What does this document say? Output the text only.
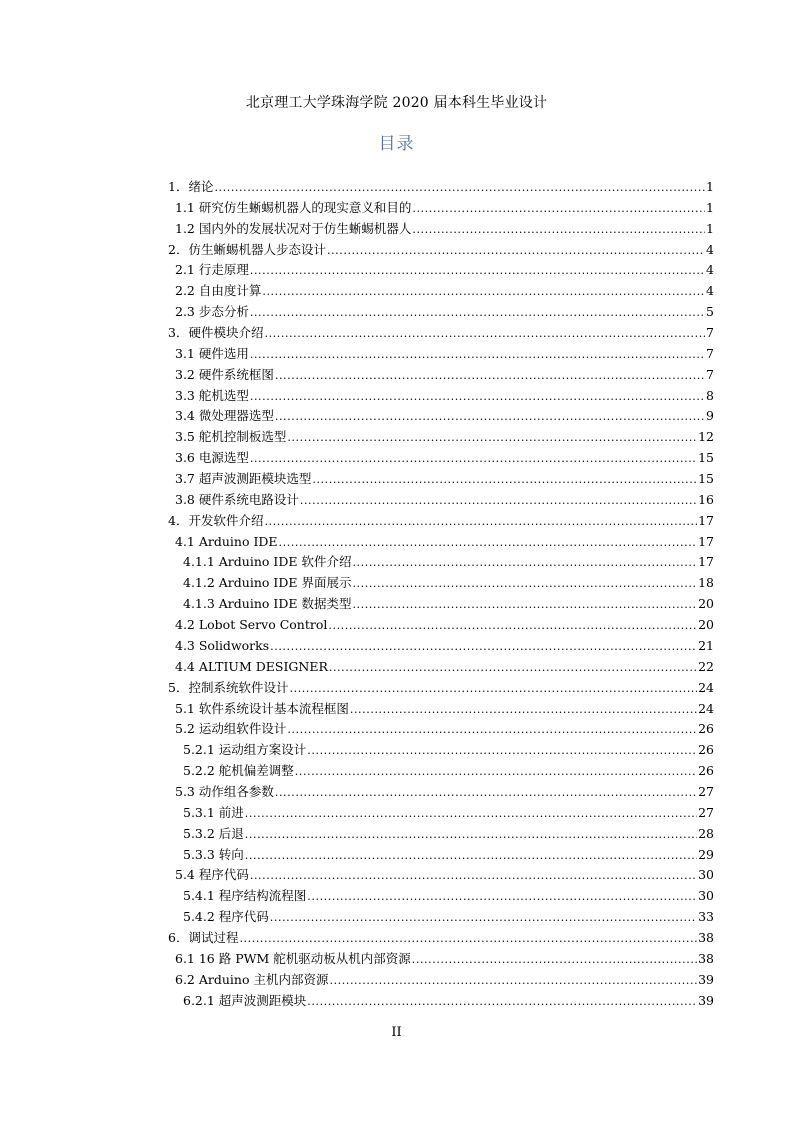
北京理工大学珠海学院 2020 届本科生毕业设计
目录
1．绪论 .....	1
1.1 研究仿生蜥蜴机器人的现实意义和目的 .....	1
1.2 国内外的发展状况对于仿生蜥蜴机器人 .....	1
2．仿生蜥蜴机器人步态设计 .....	4
2.1 行走原理 .....	4
2.2 自由度计算 .....	4
2.3 步态分析 .....	5
3．硬件模块介绍 .....	7
3.1 硬件选用 .....	7
3.2 硬件系统框图 .....	7
3.3 舵机选型 .....	8
3.4 微处理器选型 .....	9
3.5 舵机控制板选型 .....	12
3.6 电源选型 .....	15
3.7 超声波测距模块选型 .....	15
3.8 硬件系统电路设计 .....	16
4．开发软件介绍 .....	17
4.1 Arduino IDE .....	17
4.1.1 Arduino IDE 软件介绍 .....	17
4.1.2 Arduino IDE 界面展示 .....	18
4.1.3 Arduino IDE 数据类型 .....	20
4.2 Lobot Servo Control .....	20
4.3 Solidworks .....	21
4.4 ALTIUM DESIGNER .....	22
5．控制系统软件设计 .....	24
5.1 软件系统设计基本流程框图 .....	24
5.2 运动组软件设计 .....	26
5.2.1 运动组方案设计 .....	26
5.2.2 舵机偏差调整 .....	26
5.3 动作组各参数 .....	27
5.3.1 前进 .....	27
5.3.2 后退 .....	28
5.3.3 转向 .....	29
5.4 程序代码 .....	30
5.4.1 程序结构流程图 .....	30
5.4.2 程序代码 .....	33
6．调试过程 .....	38
6.1 16 路 PWM 舵机驱动板从机内部资源 .....	38
6.2 Arduino 主机内部资源 .....	39
6.2.1 超声波测距模块 .....	39
II
